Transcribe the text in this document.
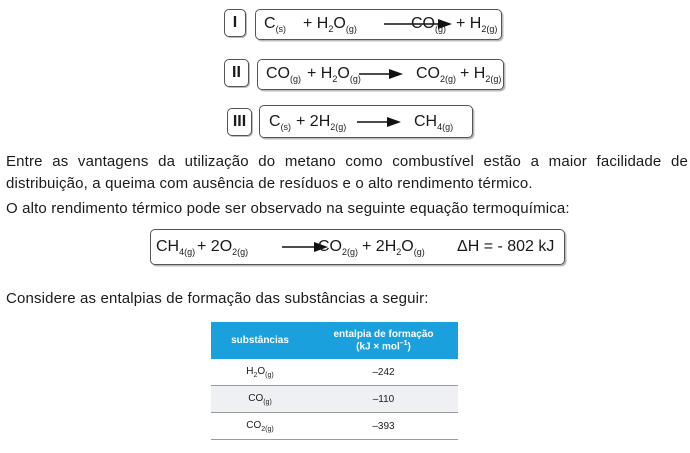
I	$C_{(s)} + H_2O_{(g)}$	$CO_{(g)} + H_{2(g)}$
II	$CO_{(g)} + H_2O_{(g)} \to CO_{2(g)} + H_{2(g)}$
III	$C_{(s)} + 2H_{2(g)} \to CH_{4(g)}$
Entre as vantagens da utilização do metano como combustível estão a maior facilidade de distribuição, a queima com ausência de resíduos e o alto rendimento térmico.
O alto rendimento térmico pode ser observado na seguinte equação termoquímica:
$CH_{4(g)} + 2O_{2(g)}$	$CO_{2(g)} + 2H_2O_{(g)}$ ΔH = - 802 kJ
Considere as entalpias de formação das substâncias a seguir:
substâncias	entalpia de formação
(kJ × mol$^{-1}$)
$H_2O_{(g)}$	–242
$CO_{(g)}$	–110
$CO_{2(g)}$	–393
